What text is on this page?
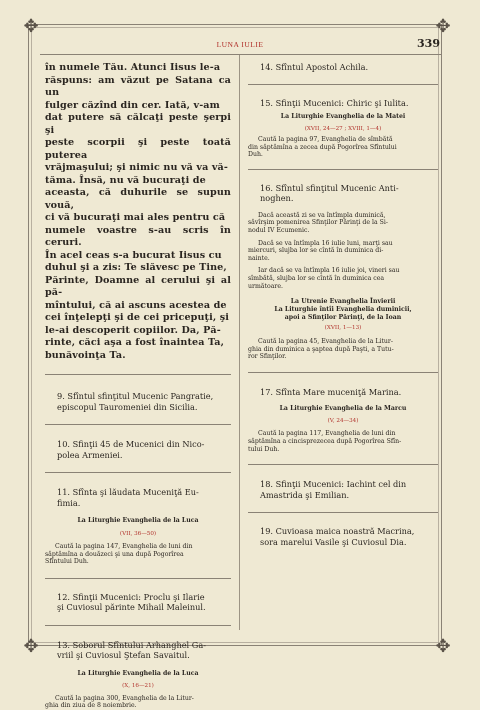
✥	✥
✥	✥
LUNA IULIE	339

în numele Tău. Atunci Iisus le-a

răspuns: am văzut pe Satana ca un

fulger căzînd din cer. Iată, v-am

dat putere să călcaţi peste şerpi şi

peste scorpii şi peste toată puterea

vrăjmaşului; şi nimic nu vă va vă-

tăma. Însă, nu vă bucuraţi de

aceasta, că duhurile se supun vouă,

ci vă bucuraţi mai ales pentru că

numele voastre s-au scris în ceruri.

În acel ceas s-a bucurat Iisus cu

duhul şi a zis: Te slăvesc pe Tine,

Părinte, Doamne al cerului şi al pă-

mîntului, că ai ascuns acestea de

cei înţelepţi şi de cei pricepuţi, şi

le-ai descoperit copiilor. Da, Pă-

rinte, căci aşa a fost înaintea Ta,

bunăvoinţa Ta.

9. Sfîntul sfinţitul Mucenic Pangratie,

episcopul Tauromeniei din Sicilia.

10. Sfinţii 45 de Mucenici din Nico-

polea Armeniei.

11. Sfînta şi lăudata Muceniţă Eu-

fimia.

La Liturghie Evanghelia de la Luca

(VII, 36—50)

Caută la pagina 147, Evanghelia de luni din

săptămîna a douăzeci şi una după Pogorîrea

Sfîntului Duh.

12. Sfinţii Mucenici: Proclu şi Ilarie

şi Cuviosul părinte Mihail Maleinul.

13. Soborul Sfîntului Arhanghel Ga-

vriil şi Cuviosul Ştefan Savaitul.

La Liturghie Evanghelia de la Luca

(X, 16—21)

Caută la pagina 300, Evanghelia de la Litur-

ghia din ziua de 8 noiembrie.

14. Sfîntul Apostol Achila.

15. Sfinţii Mucenici: Chiric şi Iulita.

La Liturghie Evanghelia de la Matei

(XVII, 24—27 ; XVIII, 1—4)

Caută la pagina 97, Evanghelia de sîmbătă

din săptămîna a zecea după Pogorîrea Sfîntului

Duh.

16. Sfîntul sfinţitul Mucenic Anti-

noghen.

Dacă această zi se va întîmpla duminică,

săvîrşim pomenirea Sfinţilor Părinţi de la Si-

nodul IV Ecumenic.

Dacă se va întîmpla 16 iulie luni, marţi sau

miercuri, slujba lor se cîntă în duminica di-

nainte.

Iar dacă se va întîmpla 16 iulie joi, vineri sau

sîmbătă, slujba lor se cîntă în duminica cea

următoare.

La Utrenie Evanghelia Învierii

La Liturghie întîi Evanghelia duminicii,

apoi a Sfinţilor Părinţi, de la Ioan

(XVII, 1—13)

Caută la pagina 45, Evanghelia de la Litur-

ghia din duminica a şaptea după Paşti, a Tutu-

ror Sfinţilor.

17. Sfînta Mare muceniţă Marina.

La Liturghie Evanghelia de la Marcu

(V, 24—34)

Caută la pagina 117, Evanghelia de luni din

săptămîna a cincisprezecea după Pogorîrea Sfîn-

tului Duh.

18. Sfinţii Mucenici: Iachint cel din

Amastrida şi Emilian.

19. Cuvioasa maica noastră Macrina,

sora marelui Vasile şi Cuviosul Dia.
